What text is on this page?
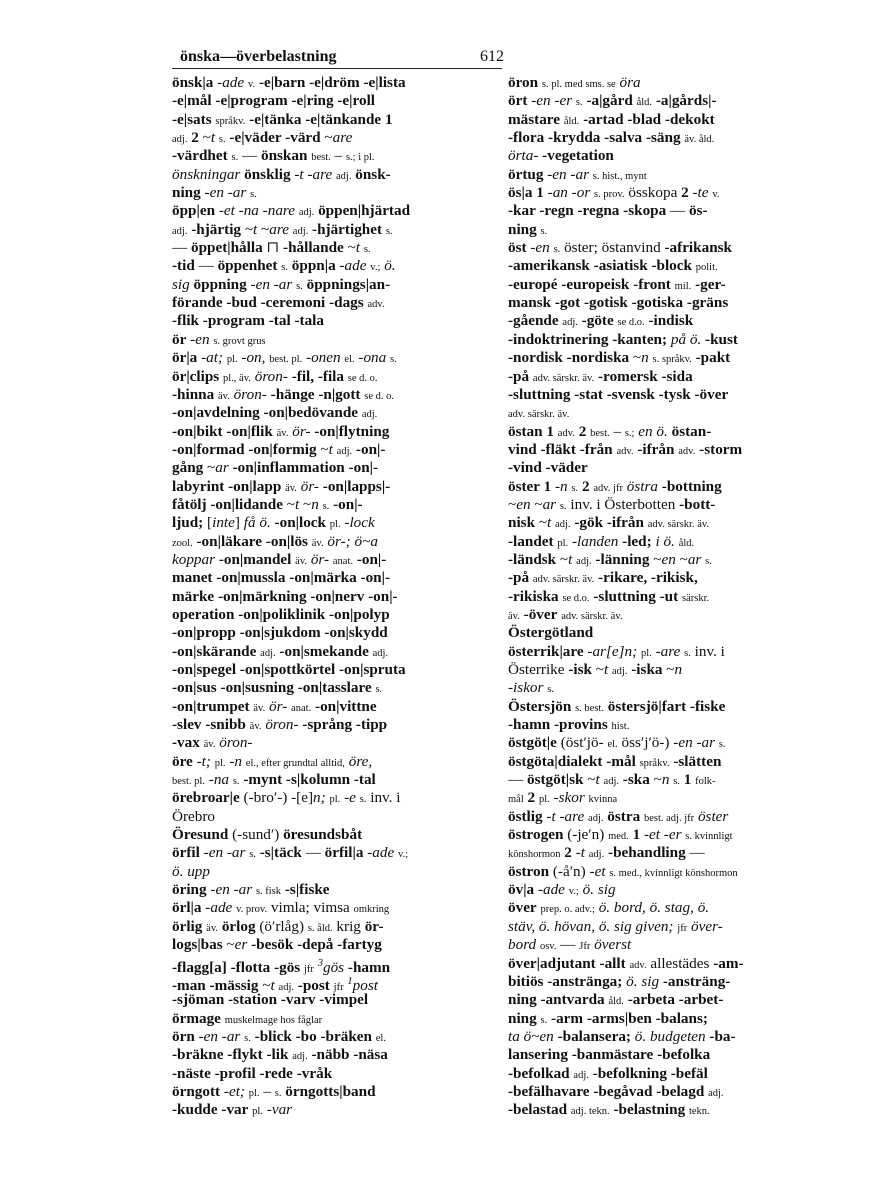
önska—överbelastning	612
önsk|a -ade v. -e|barn -e|dröm -e|lista
-e|mål -e|program -e|ring -e|roll
-e|sats språkv. -e|tänka -e|tänkande 1
adj. 2 ~t s. -e|väder -värd ~are
-värdhet s. — önskan best. – s.; i pl.
önskningar önsklig -t -are adj. önsk-
ning -en -ar s.
öpp|en -et -na -nare adj. öppen|hjärtad
adj. -hjärtig ~t ~are adj. -hjärtighet s.
— öppet|hålla ⊓ -hållande ~t s.
-tid — öppenhet s. öppn|a -ade v.; ö.
sig öppning -en -ar s. öppnings|an-
förande -bud -ceremoni -dags adv.
-flik -program -tal -tala
ör -en s. grovt grus
ör|a -at; pl. -on, best. pl. -onen el. -ona s.
ör|clips pl., äv. öron- -fil, -fila se d. o.
-hinna äv. öron- -hänge -n|gott se d. o.
-on|avdelning -on|bedövande adj.
-on|bikt -on|flik äv. ör- -on|flytning
-on|formad -on|formig ~t adj. -on|-
gång ~ar -on|inflammation -on|-
labyrint -on|lapp äv. ör- -on|lapps|-
fåtölj -on|lidande ~t ~n s. -on|-
ljud; [inte] få ö. -on|lock pl. -lock
zool. -on|läkare -on|lös äv. ör-; ö~a
koppar -on|mandel äv. ör- anat. -on|-
manet -on|mussla -on|märka -on|-
märke -on|märkning -on|nerv -on|-
operation -on|poliklinik -on|polyp
-on|propp -on|sjukdom -on|skydd
-on|skärande adj. -on|smekande adj.
-on|spegel -on|spottkörtel -on|spruta
-on|sus -on|susning -on|tasslare s.
-on|trumpet äv. ör- anat. -on|vittne
-slev -snibb äv. öron- -språng -tipp
-vax äv. öron-
öre -t; pl. -n el., efter grundtal alltid, öre,
best. pl. -na s. -mynt -s|kolumn -tal
örebroar|e (-bro′-) -[e]n; pl. -e s. inv. i
Örebro
Öresund (-sund′) öresundsbåt
örfil -en -ar s. -s|täck — örfil|a -ade v.;
ö. upp
öring -en -ar s. fisk -s|fiske
örl|a -ade v. prov. vimla; vimsa omkring
örlig äv. örlog (ö′rlåg) s. åld. krig ör-
logs|bas ~er -besök -depå -fartyg
-flagg[a] -flotta -gös jfr $^3$gös -hamn
-man -mässig ~t adj. -post jfr $^1$post
-sjöman -station -varv -vimpel
örmage muskelmage hos fåglar
örn -en -ar s. -blick -bo -bräken el.
-bräkne -flykt -lik adj. -näbb -näsa
-näste -profil -rede -vråk
örngott -et; pl. – s. örngotts|band
-kudde -var pl. -var
öron s. pl. med sms. se öra
ört -en -er s. -a|gård åld. -a|gårds|-
mästare åld. -artad -blad -dekokt
-flora -krydda -salva -säng äv. åld.
örta- -vegetation
örtug -en -ar s. hist., mynt
ös|a 1 -an -or s. prov. össkopa 2 -te v.
-kar -regn -regna -skopa — ös-
ning s.
öst -en s. öster; östanvind -afrikansk
-amerikansk -asiatisk -block polit.
-europé -europeisk -front mil. -ger-
mansk -got -gotisk -gotiska -gräns
-gående adj. -göte se d.o. -indisk
-indoktrinering -kanten; på ö. -kust
-nordisk -nordiska ~n s. språkv. -pakt
-på adv. särskr. äv. -romersk -sida
-sluttning -stat -svensk -tysk -över
adv. särskr. äv.
östan 1 adv. 2 best. – s.; en ö. östan-
vind -fläkt -från adv. -ifrån adv. -storm
-vind -väder
öster 1 -n s. 2 adv. jfr östra -bottning
~en ~ar s. inv. i Österbotten -bott-
nisk ~t adj. -gök -ifrån adv. särskr. äv.
-landet pl. -landen -led; i ö. åld.
-ländsk ~t adj. -länning ~en ~ar s.
-på adv. särskr. äv. -rikare, -rikisk,
-rikiska se d.o. -sluttning -ut särskr.
äv. -över adv. särskr. äv.
Östergötland
österrik|are -ar[e]n; pl. -are s. inv. i
Österrike -isk ~t adj. -iska ~n
-iskor s.
Östersjön s. best. östersjö|fart -fiske
-hamn -provins hist.
östgöt|e (östʹjö- el. össʹj′ö-) -en -ar s.
östgöta|dialekt -mål språkv. -slätten
— östgöt|sk ~t adj. -ska ~n s. 1 folk-
mål 2 pl. -skor kvinna
östlig -t -are adj. östra best. adj. jfr öster
östrogen (-je′n) med. 1 -et -er s. kvinnligt
könshormon 2 -t adj. -behandling —
östron (-å′n) -et s. med., kvinnligt könshormon
öv|a -ade v.; ö. sig
över prep. o. adv.; ö. bord, ö. stag, ö.
stäv, ö. hövan, ö. sig given; jfr över-
bord osv. — Jfr överst
över|adjutant -allt adv. allestädes -am-
bitiös -anstränga; ö. sig -ansträng-
ning -antvarda åld. -arbeta -arbet-
ning s. -arm -arms|ben -balans;
ta ö~en -balansera; ö. budgeten -ba-
lansering -banmästare -befolka
-befolkad adj. -befolkning -befäl
-befälhavare -begåvad -belagd adj.
-belastad adj. tekn. -belastning tekn.
